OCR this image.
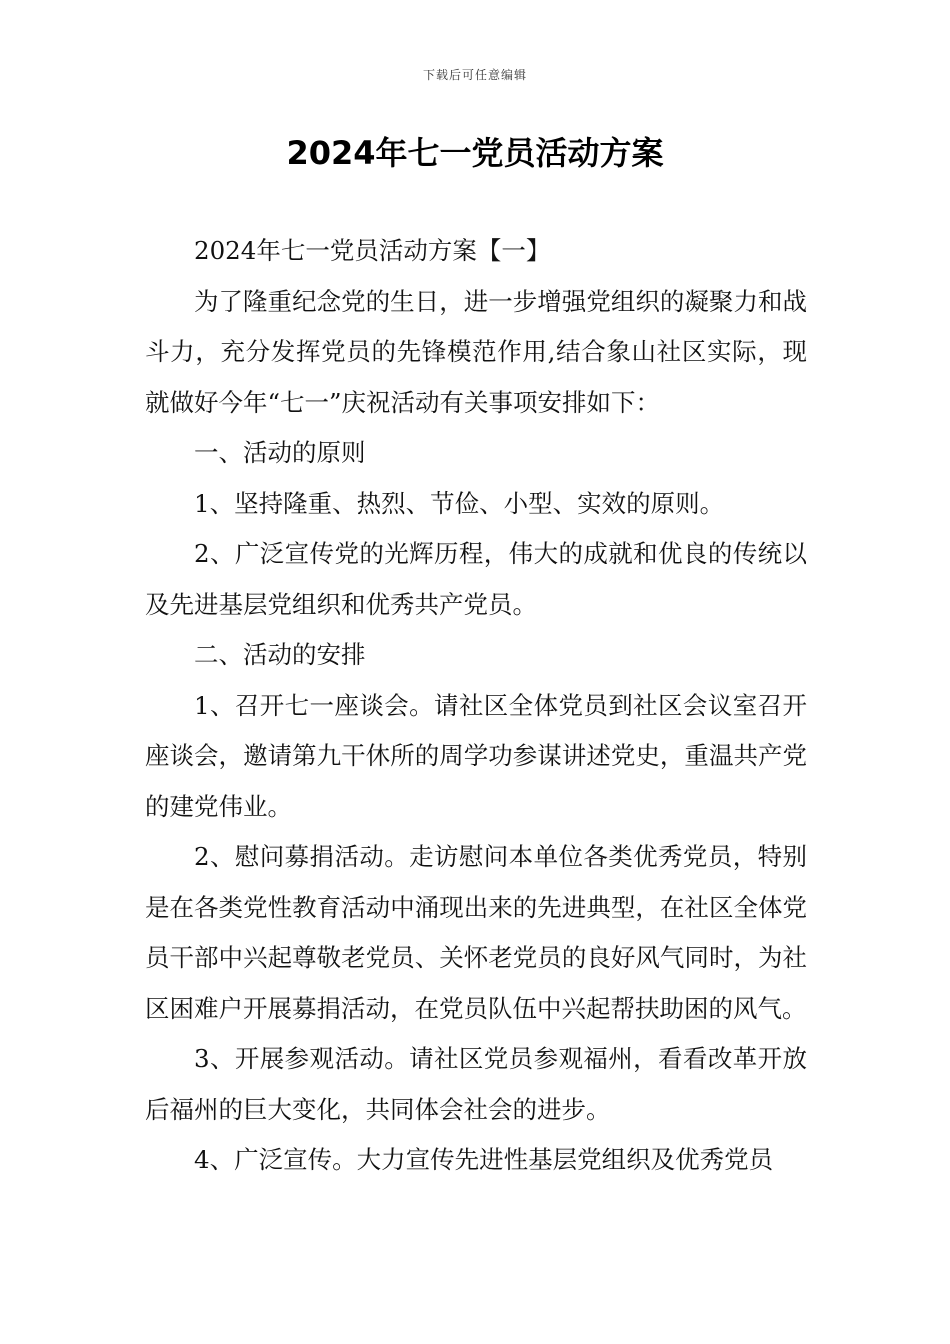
下载后可任意编辑
2024年七一党员活动方案

2024年七一党员活动方案【一】

为了隆重纪念党的生日，进一步增强党组织的凝聚力和战斗力，充分发挥党员的先锋模范作用,结合象山社区实际，现就做好今年“七一”庆祝活动有关事项安排如下：

一、活动的原则

1、坚持隆重、热烈、节俭、小型、实效的原则。

2、广泛宣传党的光辉历程，伟大的成就和优良的传统以及先进基层党组织和优秀共产党员。

二、活动的安排

1、召开七一座谈会。请社区全体党员到社区会议室召开座谈会，邀请第九干休所的周学功参谋讲述党史，重温共产党的建党伟业。

2、慰问募捐活动。走访慰问本单位各类优秀党员，特别是在各类党性教育活动中涌现出来的先进典型，在社区全体党员干部中兴起尊敬老党员、关怀老党员的良好风气同时，为社区困难户开展募捐活动，在党员队伍中兴起帮扶助困的风气。

3、开展参观活动。请社区党员参观福州，看看改革开放后福州的巨大变化，共同体会社会的进步。

4、广泛宣传。大力宣传先进性基层党组织及优秀党员
